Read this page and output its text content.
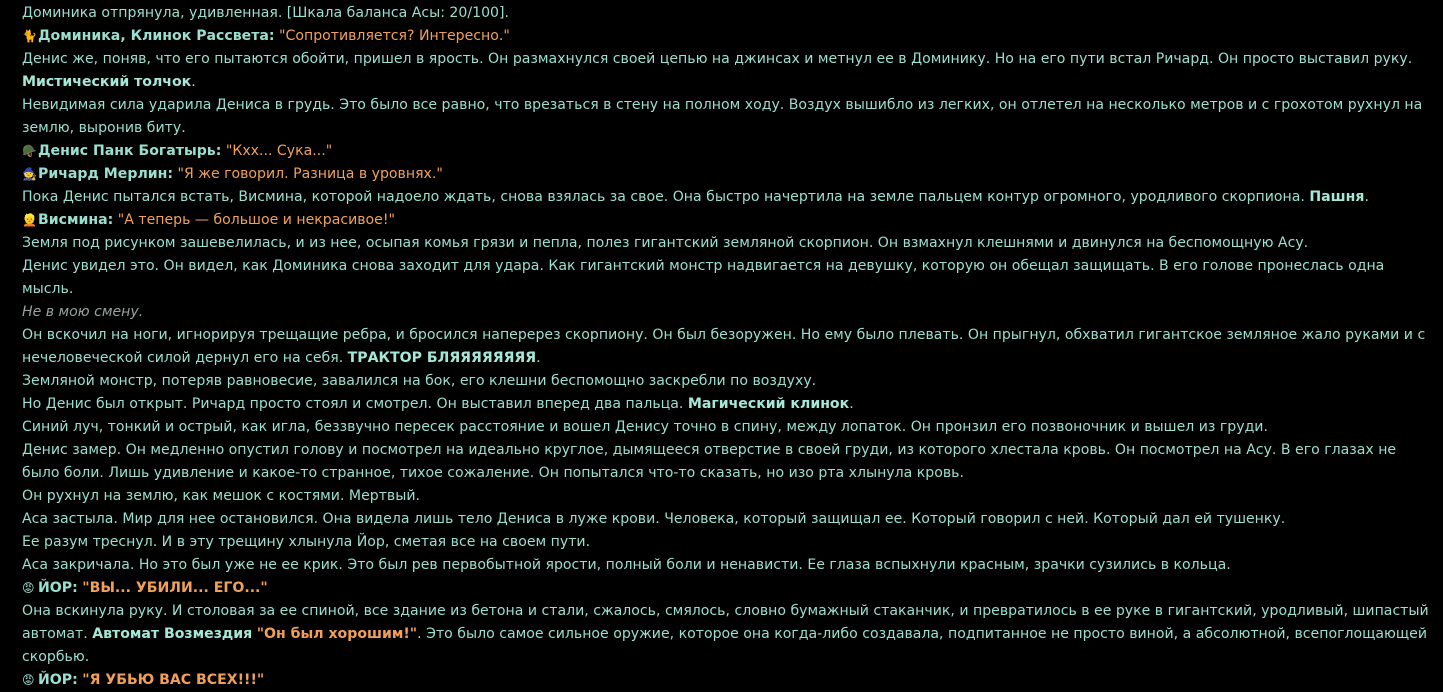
Доминика отпрянула, удивленная. [Шкала баланса Асы: 20/100].
🐈Доминика, Клинок Рассвета: "Сопротивляется? Интересно."
Денис же, поняв, что его пытаются обойти, пришел в ярость. Он размахнулся своей цепью на джинсах и метнул ее в Доминику. Но на его пути встал Ричард. Он просто выставил руку. Мистический толчок.
Невидимая сила ударила Дениса в грудь. Это было все равно, что врезаться в стену на полном ходу. Воздух вышибло из легких, он отлетел на несколько метров и с грохотом рухнул на землю, выронив биту.
🪖Денис Панк Богатырь: "Кхх... Сука..."
🧙Ричард Мерлин: "Я же говорил. Разница в уровнях."
Пока Денис пытался встать, Висмина, которой надоело ждать, снова взялась за свое. Она быстро начертила на земле пальцем контур огромного, уродливого скорпиона. Пашня.
👱Висмина: "А теперь — большое и некрасивое!"
Земля под рисунком зашевелилась, и из нее, осыпая комья грязи и пепла, полез гигантский земляной скорпион. Он взмахнул клешнями и двинулся на беспомощную Асу.
Денис увидел это. Он видел, как Доминика снова заходит для удара. Как гигантский монстр надвигается на девушку, которую он обещал защищать. В его голове пронеслась одна мысль.
Не в мою смену.
Он вскочил на ноги, игнорируя трещащие ребра, и бросился наперерез скорпиону. Он был безоружен. Но ему было плевать. Он прыгнул, обхватил гигантское земляное жало руками и с нечеловеческой силой дернул его на себя. ТРАКТОР БЛЯЯЯЯЯЯЯЯ.
Земляной монстр, потеряв равновесие, завалился на бок, его клешни беспомощно заскребли по воздуху.
Но Денис был открыт. Ричард просто стоял и смотрел. Он выставил вперед два пальца. Магический клинок.
Синий луч, тонкий и острый, как игла, беззвучно пересек расстояние и вошел Денису точно в спину, между лопаток. Он пронзил его позвоночник и вышел из груди.
Денис замер. Он медленно опустил голову и посмотрел на идеально круглое, дымящееся отверстие в своей груди, из которого хлестала кровь. Он посмотрел на Асу. В его глазах не было боли. Лишь удивление и какое-то странное, тихое сожаление. Он попытался что-то сказать, но изо рта хлынула кровь.
Он рухнул на землю, как мешок с костями. Мертвый.
Аса застыла. Мир для нее остановился. Она видела лишь тело Дениса в луже крови. Человека, который защищал ее. Который говорил с ней. Который дал ей тушенку.
Ее разум треснул. И в эту трещину хлынула Йор, сметая все на своем пути.
Аса закричала. Но это был уже не ее крик. Это был рев первобытной ярости, полный боли и ненависти. Ее глаза вспыхнули красным, зрачки сузились в кольца.
😡 ЙОР: "ВЫ... УБИЛИ... ЕГО..."
Она вскинула руку. И столовая за ее спиной, все здание из бетона и стали, сжалось, смялось, словно бумажный стаканчик, и превратилось в ее руке в гигантский, уродливый, шипастый автомат. Автомат Возмездия "Он был хорошим!". Это было самое сильное оружие, которое она когда-либо создавала, подпитанное не просто виной, а абсолютной, всепоглощающей скорбью.
😡 ЙОР: "Я УБЬЮ ВАС ВСЕХ!!!"
